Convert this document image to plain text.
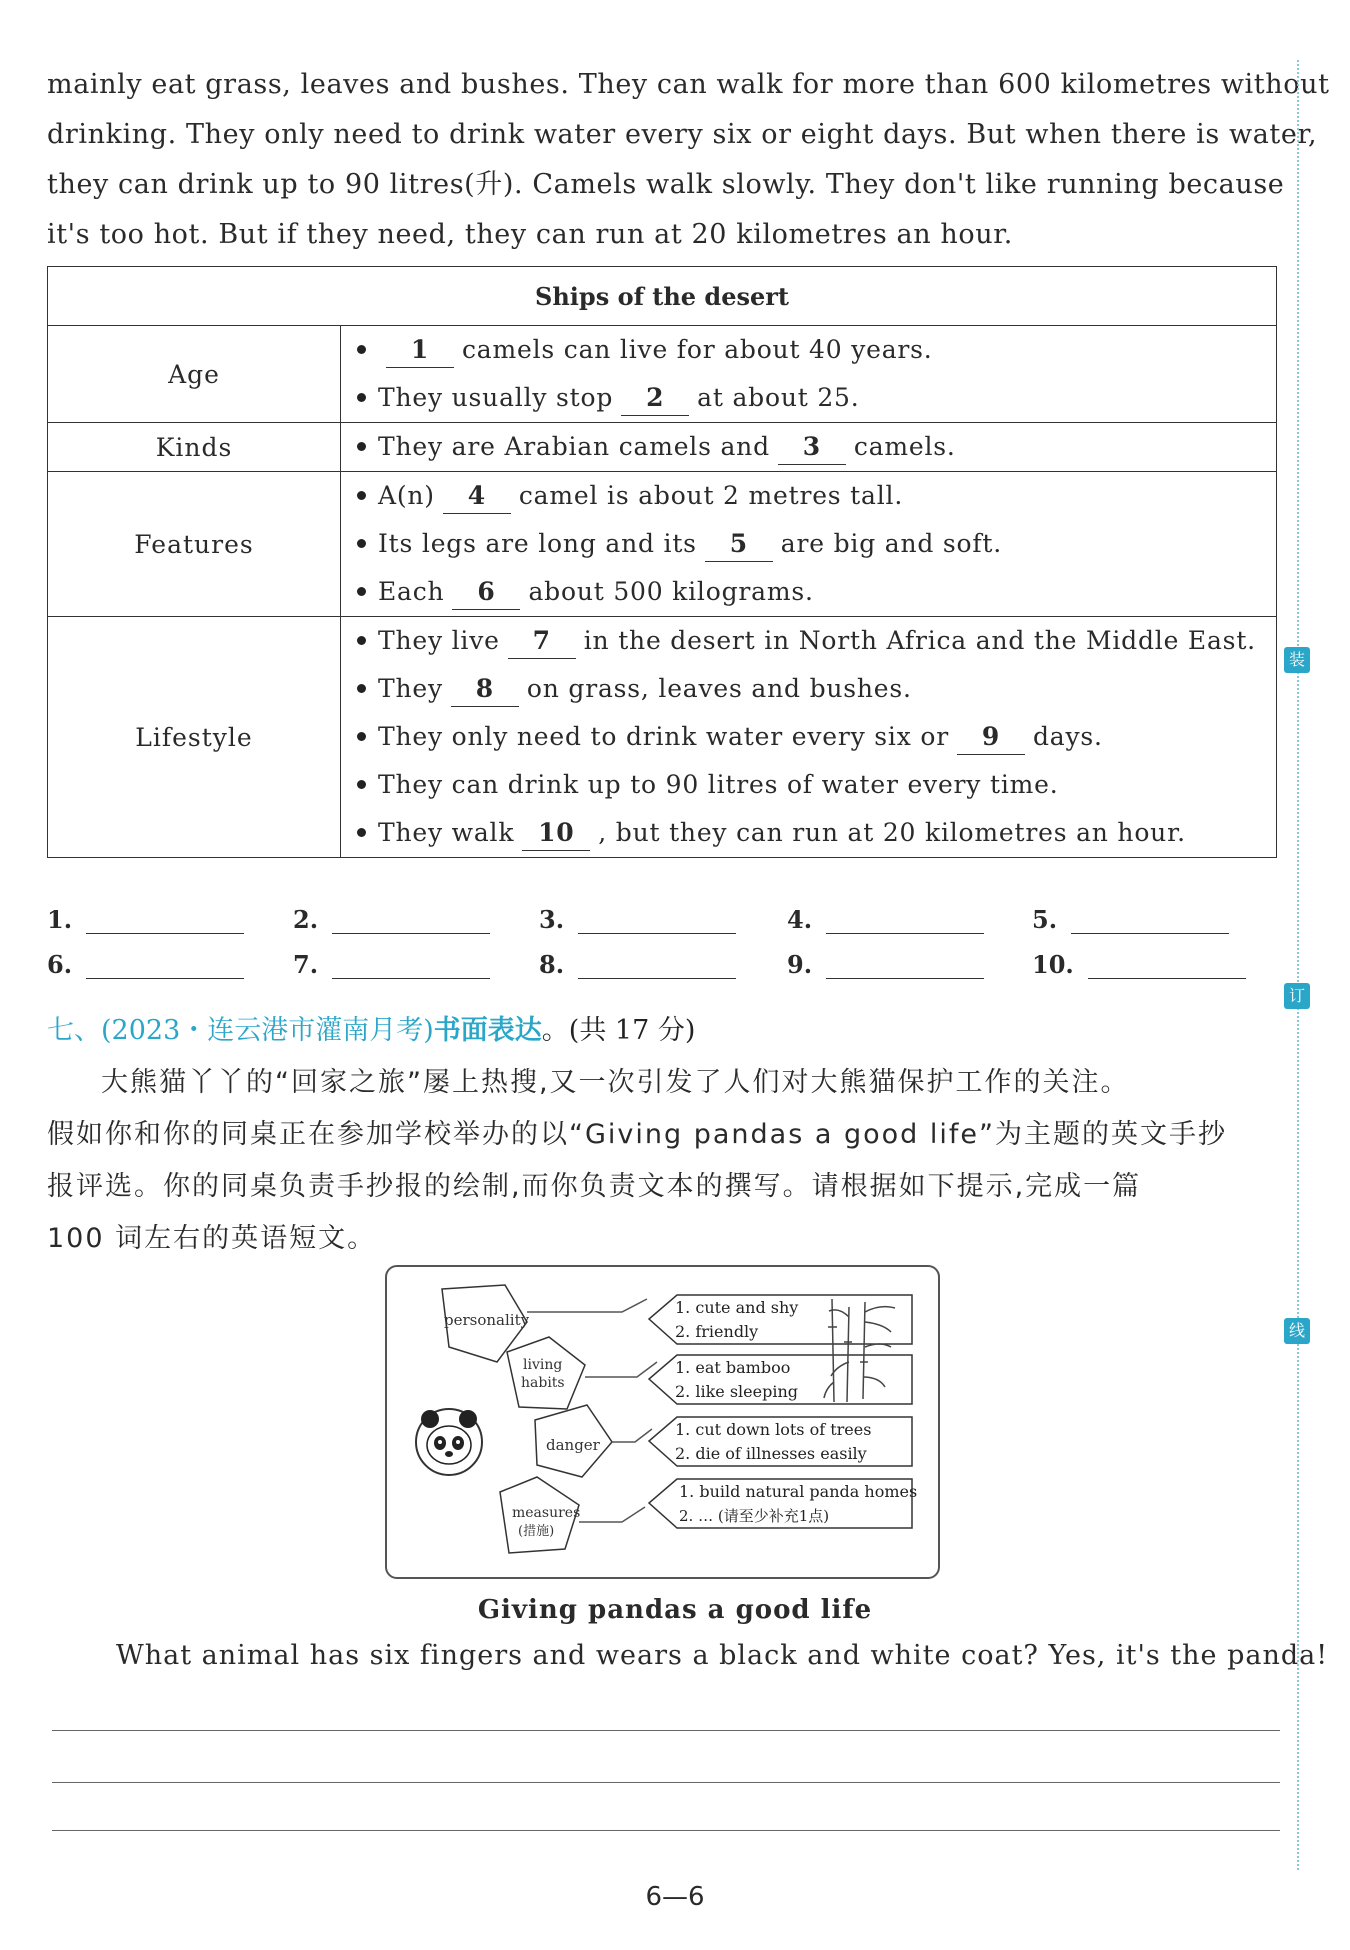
mainly eat grass, leaves and bushes. They can walk for more than 600 kilometres without

drinking. They only need to drink water every six or eight days. But when there is water,

they can drink up to 90 litres(升). Camels walk slowly. They don't like running because

it's too hot. But if they need, they can run at 20 kilometres an hour.

Ships of the desert	
Age	1 camels can live for about 40 years.
They usually stop 2 at about 25.

Kinds	They are Arabian camels and 3 camels.

Features	A(n) 4 camel is about 2 metres tall.
Its legs are long and its 5 are big and soft.
Each 6 about 500 kilograms.

Lifestyle	They live 7 in the desert in North Africa and the Middle East.
They 8 on grass, leaves and bushes.
They only need to drink water every six or 9 days.
They can drink up to 90 litres of water every time.
They walk 10 , but they can run at 20 kilometres an hour.
1.	2.	3.	4.	5.
6.	7.	8.	9.	10.
七、(2023・连云港市灌南月考)书面表达。(共 17 分)
大熊猫丫丫的“回家之旅”屡上热搜,又一次引发了人们对大熊猫保护工作的关注。
假如你和你的同桌正在参加学校举办的以“Giving pandas a good life”为主题的英文手抄
报评选。你的同桌负责手抄报的绘制,而你负责文本的撰写。请根据如下提示,完成一篇
100 词左右的英语短文。
personality
living
habits
danger
measures
(措施)
1. cute and shy
2. friendly
1. eat bamboo
2. like sleeping
1. cut down lots of trees
2. die of illnesses easily
1. build natural panda homes
2. … (请至少补充1点)
Giving pandas a good life
What animal has six fingers and wears a black and white coat? Yes, it's the panda!
6—6
装
订
线
